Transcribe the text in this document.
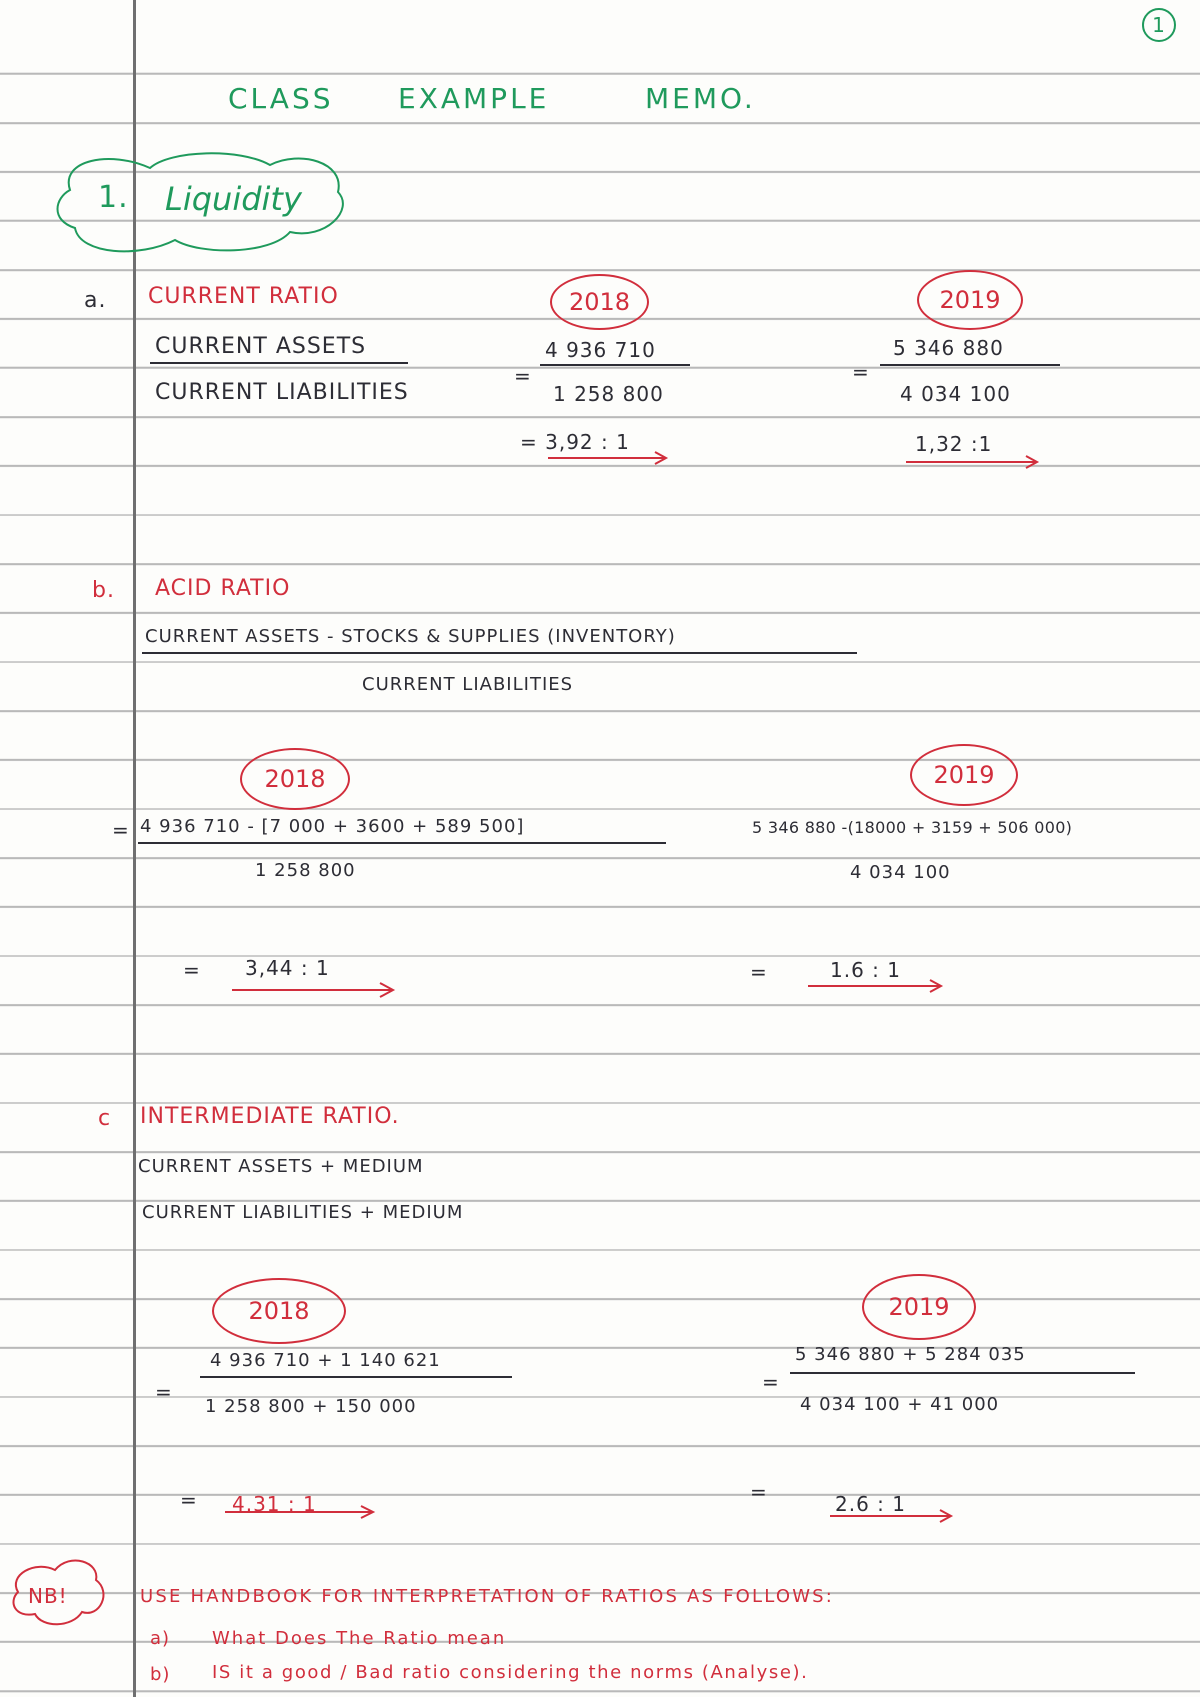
1
CLASS EXAMPLE	MEMO.
1. Liquidity
a. CURRENT RATIO
CURRENT ASSETS
CURRENT LIABILITIES
2018
=
4 936 710
1 258 800
= 3,92 : 1
2019
=
5 346 880
4 034 100
1,32 :1
b. ACID RATIO
CURRENT ASSETS - STOCKS & SUPPLIES (INVENTORY)
CURRENT LIABILITIES
2018
= 4 936 710 - [7 000 + 3600 + 589 500]
1 258 800
= 3,44 : 1
2019
5 346 880 -(18000 + 3159 + 506 000)
4 034 100
=	1.6 : 1
c INTERMEDIATE RATIO.
CURRENT ASSETS + MEDIUM
CURRENT LIABILITIES + MEDIUM
2018
=
4 936 710 + 1 140 621
1 258 800 + 150 000
= 4.31 : 1
2019
=
5 346 880 + 5 284 035
4 034 100 + 41 000
=	2.6 : 1
NB!	USE HANDBOOK FOR INTERPRETATION OF RATIOS AS FOLLOWS:
a) What Does The Ratio mean
b) IS it a good / Bad ratio considering the norms (Analyse).
